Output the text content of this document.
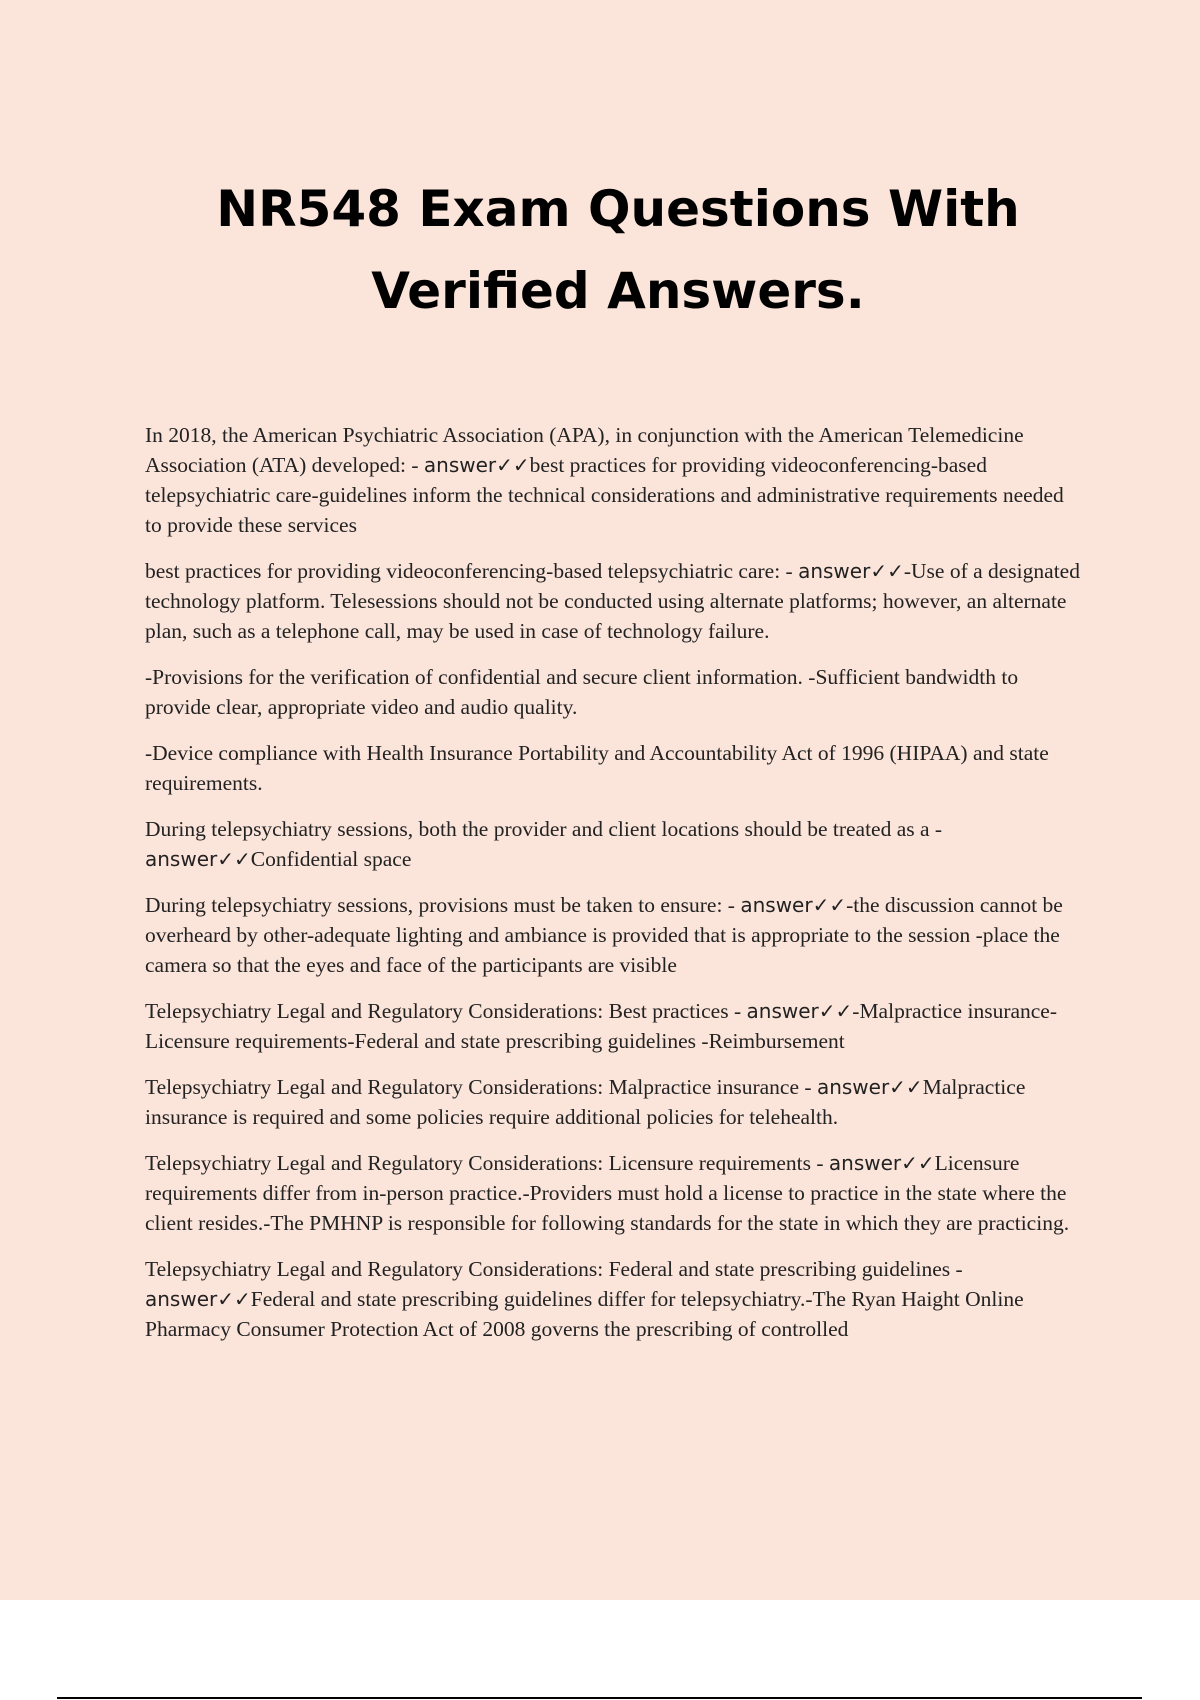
NR548 Exam Questions With
Verified Answers.

In 2018, the American Psychiatric Association (APA), in conjunction with the American Telemedicine Association (ATA) developed: - answer✓✓best practices for providing videoconferencing-based telepsychiatric care-guidelines inform the technical considerations and administrative requirements needed to provide these services

best practices for providing videoconferencing-based telepsychiatric care: - answer✓✓-Use of a designated technology platform. Telesessions should not be conducted using alternate platforms; however, an alternate plan, such as a telephone call, may be used in case of technology failure.

-Provisions for the verification of confidential and secure client information. -Sufficient bandwidth to provide clear, appropriate video and audio quality.

-Device compliance with Health Insurance Portability and Accountability Act of 1996 (HIPAA) and state requirements.

During telepsychiatry sessions, both the provider and client locations should be treated as a - answer✓✓Confidential space

During telepsychiatry sessions, provisions must be taken to ensure: - answer✓✓-the discussion cannot be overheard by other-adequate lighting and ambiance is provided that is appropriate to the session -place the camera so that the eyes and face of the participants are visible

Telepsychiatry Legal and Regulatory Considerations: Best practices - answer✓✓-Malpractice insurance-Licensure requirements-Federal and state prescribing guidelines -Reimbursement

Telepsychiatry Legal and Regulatory Considerations: Malpractice insurance - answer✓✓Malpractice insurance is required and some policies require additional policies for telehealth.

Telepsychiatry Legal and Regulatory Considerations: Licensure requirements - answer✓✓Licensure requirements differ from in-person practice.-Providers must hold a license to practice in the state where the client resides.-The PMHNP is responsible for following standards for the state in which they are practicing.

Telepsychiatry Legal and Regulatory Considerations: Federal and state prescribing guidelines - answer✓✓Federal and state prescribing guidelines differ for telepsychiatry.-The Ryan Haight Online Pharmacy Consumer Protection Act of 2008 governs the prescribing of controlled
